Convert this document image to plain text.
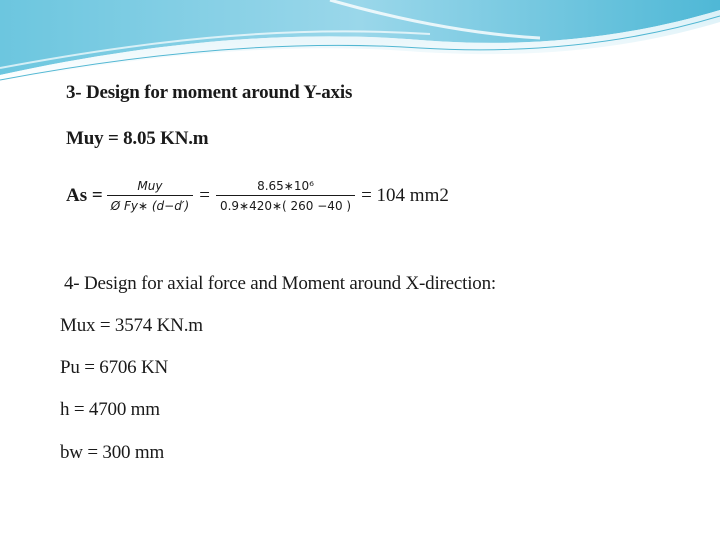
3- Design for moment around Y-axis
Muy = 8.05 KN.m
$As = \frac{\text{Muy}}{\text{Ø Fy∗ (d−d′)}} = \frac{\text{8.65∗10⁶}}{0.9∗420∗( 260 -40 )} = 104$ mm2
4- Design for axial force and Moment around X-direction:
Mux = 3574 KN.m
Pu = 6706 KN
h = 4700 mm
bw = 300 mm
